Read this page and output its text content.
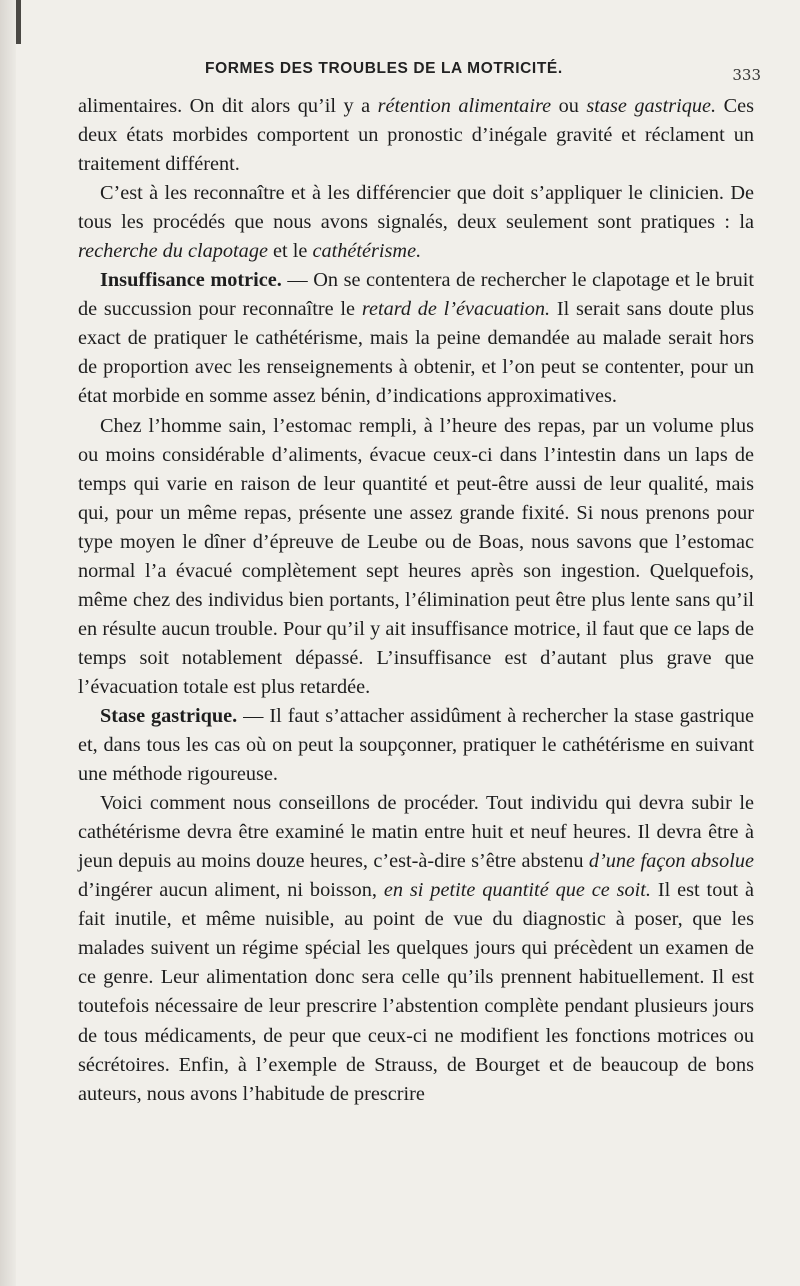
FORMES DES TROUBLES DE LA MOTRICITÉ.	333

alimentaires. On dit alors qu’il y a rétention alimentaire ou stase gastrique. Ces deux états morbides comportent un pronostic d’inégale gravité et réclament un traitement différent.

C’est à les reconnaître et à les différencier que doit s’appliquer le clinicien. De tous les procédés que nous avons signalés, deux seulement sont pratiques : la recherche du clapotage et le cathétérisme.

Insuffisance motrice. — On se contentera de rechercher le clapotage et le bruit de succussion pour reconnaître le retard de l’évacuation. Il serait sans doute plus exact de pratiquer le cathétérisme, mais la peine demandée au malade serait hors de proportion avec les renseignements à obtenir, et l’on peut se contenter, pour un état morbide en somme assez bénin, d’indications approximatives.

Chez l’homme sain, l’estomac rempli, à l’heure des repas, par un volume plus ou moins considérable d’aliments, évacue ceux-ci dans l’intestin dans un laps de temps qui varie en raison de leur quantité et peut-être aussi de leur qualité, mais qui, pour un même repas, présente une assez grande fixité. Si nous prenons pour type moyen le dîner d’épreuve de Leube ou de Boas, nous savons que l’estomac normal l’a évacué complètement sept heures après son ingestion. Quelquefois, même chez des individus bien portants, l’élimination peut être plus lente sans qu’il en résulte aucun trouble. Pour qu’il y ait insuffisance motrice, il faut que ce laps de temps soit notablement dépassé. L’insuffisance est d’autant plus grave que l’évacuation totale est plus retardée.

Stase gastrique. — Il faut s’attacher assidûment à rechercher la stase gastrique et, dans tous les cas où on peut la soupçonner, pratiquer le cathétérisme en suivant une méthode rigoureuse.

Voici comment nous conseillons de procéder. Tout individu qui devra subir le cathétérisme devra être examiné le matin entre huit et neuf heures. Il devra être à jeun depuis au moins douze heures, c’est-à-dire s’être abstenu d’une façon absolue d’ingérer aucun aliment, ni boisson, en si petite quantité que ce soit. Il est tout à fait inutile, et même nuisible, au point de vue du diagnostic à poser, que les malades suivent un régime spécial les quelques jours qui précèdent un examen de ce genre. Leur alimentation donc sera celle qu’ils prennent habituellement. Il est toutefois nécessaire de leur prescrire l’abstention complète pendant plusieurs jours de tous médicaments, de peur que ceux-ci ne modifient les fonctions motrices ou sécrétoires. Enfin, à l’exemple de Strauss, de Bourget et de beaucoup de bons auteurs, nous avons l’habitude de prescrire
